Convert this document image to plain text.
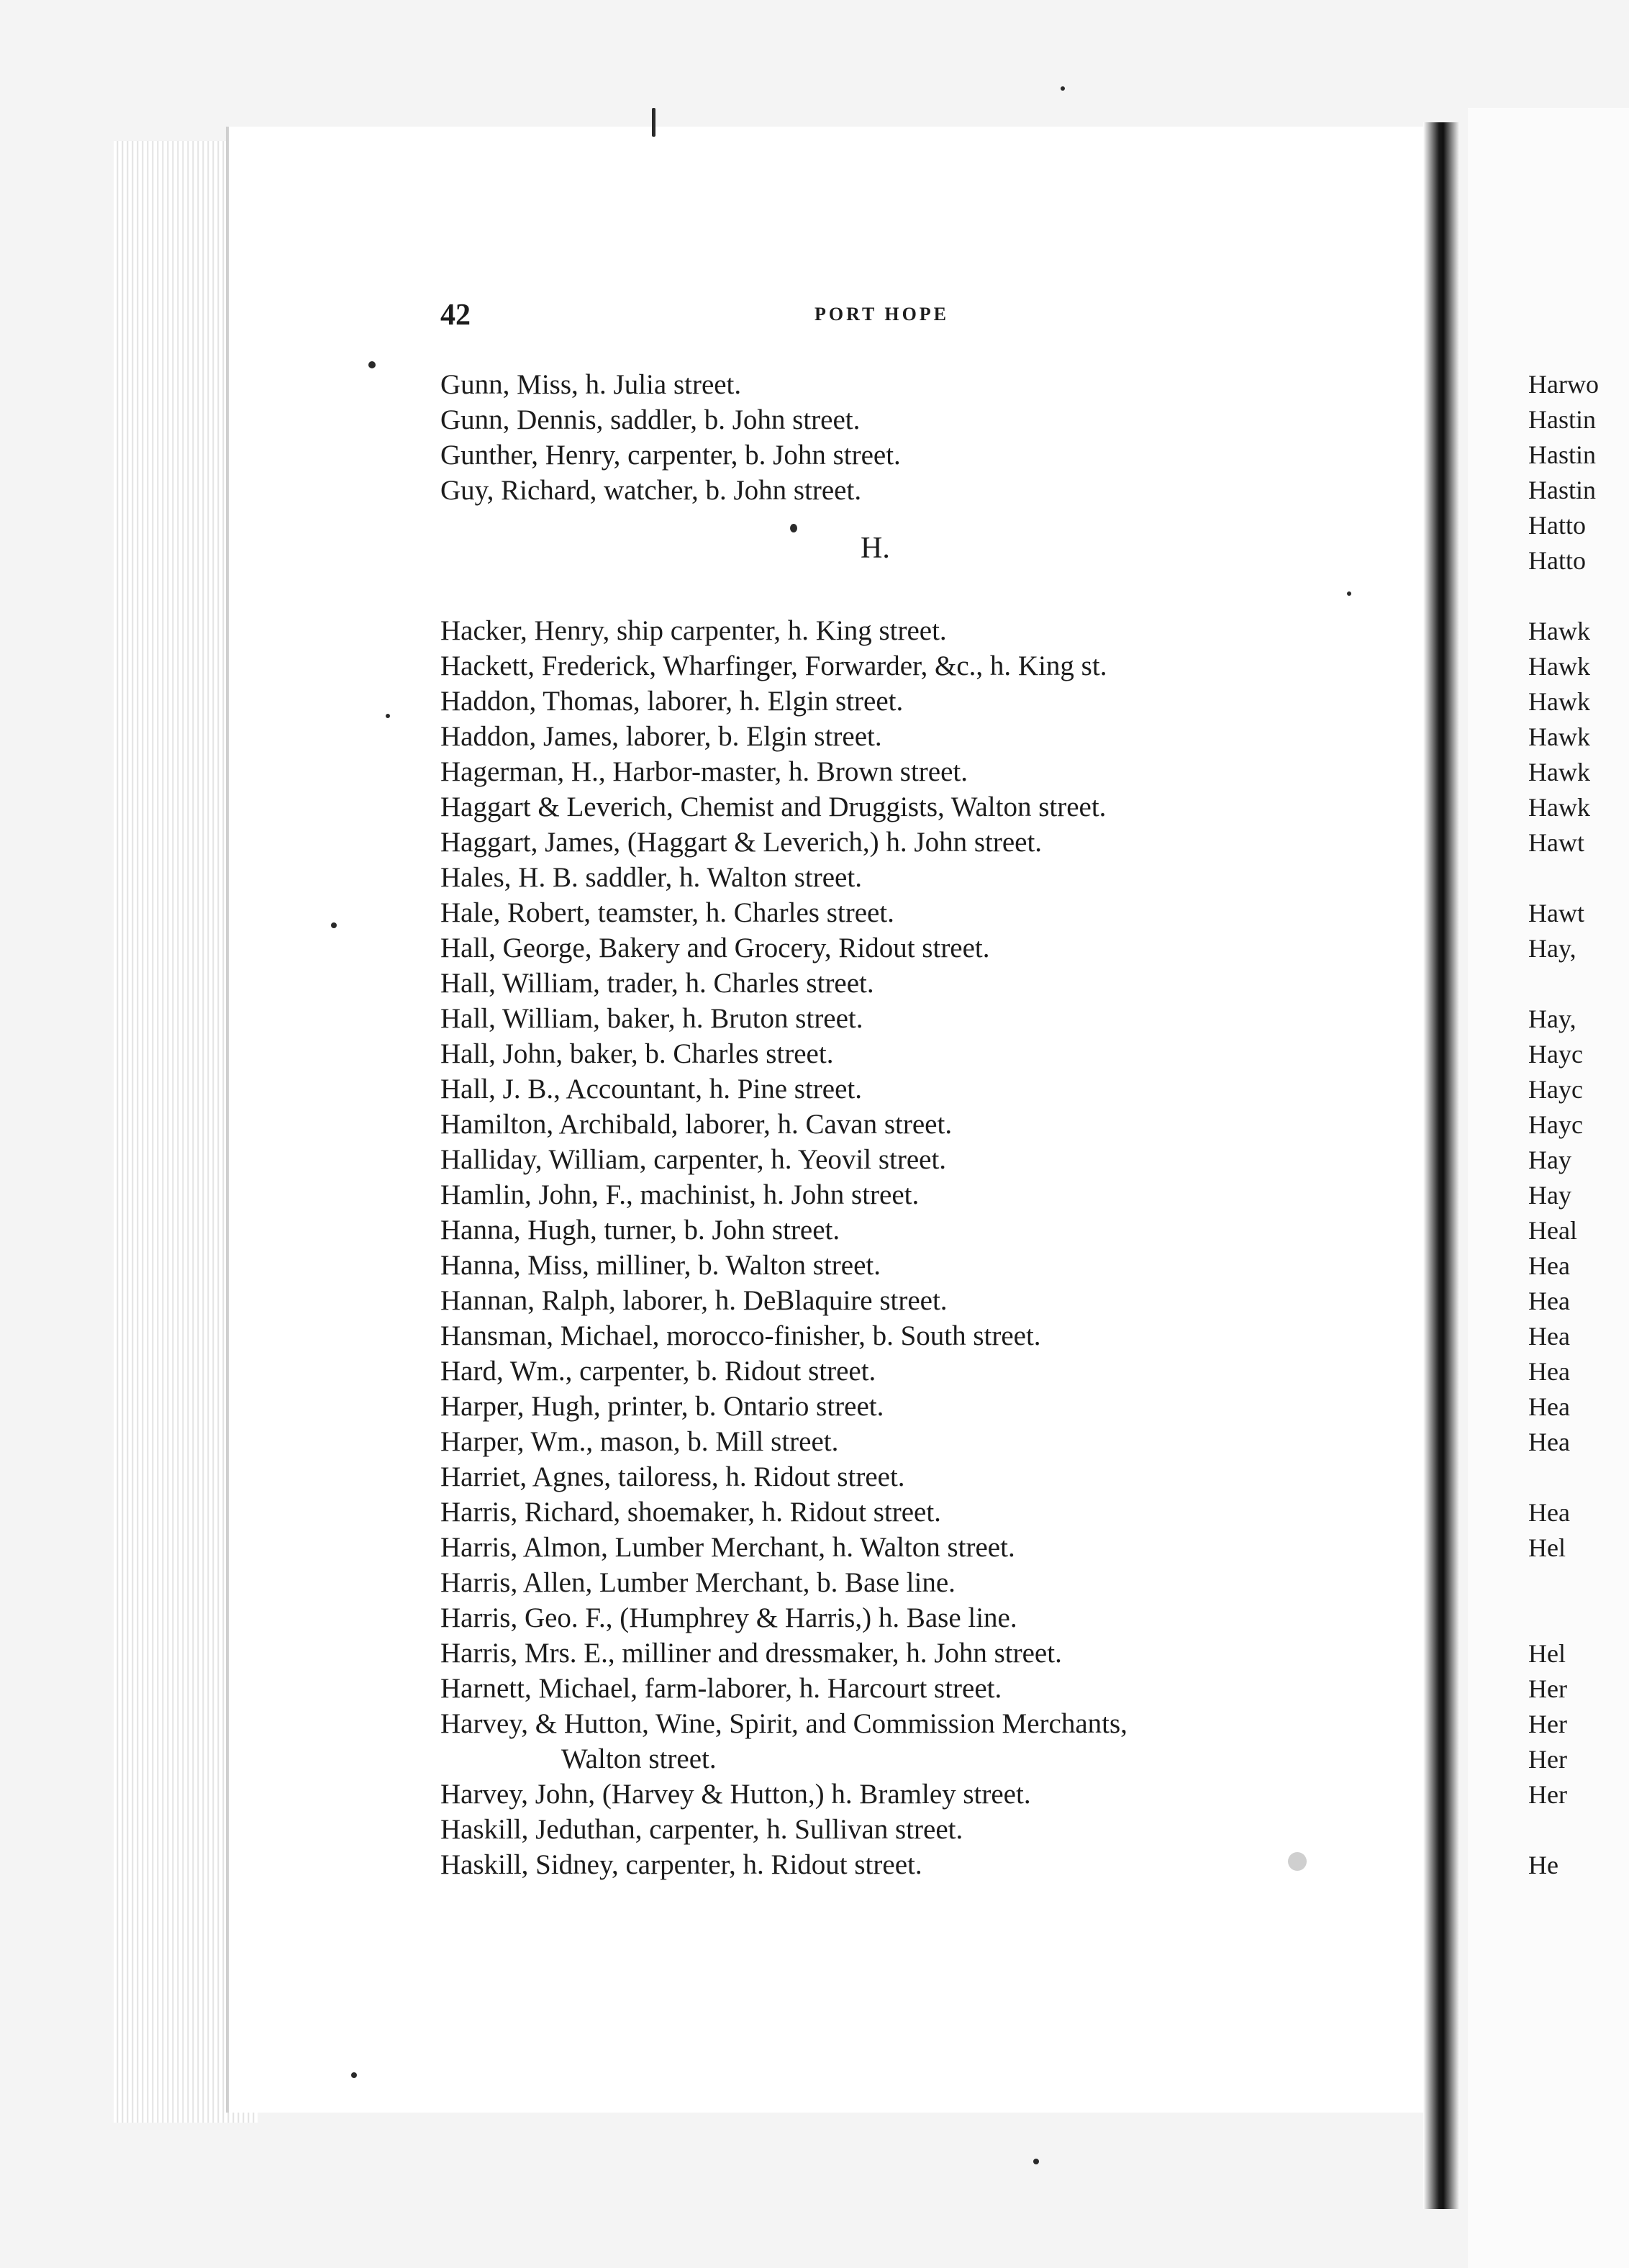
42	PORT HOPE
Gunn, Miss, h. Julia street.
Gunn, Dennis, saddler, b. John street.
Gunther, Henry, carpenter, b. John street.
Guy, Richard, watcher, b. John street.
H.
Hacker, Henry, ship carpenter, h. King street.
Hackett, Frederick, Wharfinger, Forwarder, &c., h. King st.
Haddon, Thomas, laborer, h. Elgin street.
Haddon, James, laborer, b. Elgin street.
Hagerman, H., Harbor-master, h. Brown street.
Haggart & Leverich, Chemist and Druggists, Walton street.
Haggart, James, (Haggart & Leverich,) h. John street.
Hales, H. B. saddler, h. Walton street.
Hale, Robert, teamster, h. Charles street.
Hall, George, Bakery and Grocery, Ridout street.
Hall, William, trader, h. Charles street.
Hall, William, baker, h. Bruton street.
Hall, John, baker, b. Charles street.
Hall, J. B., Accountant, h. Pine street.
Hamilton, Archibald, laborer, h. Cavan street.
Halliday, William, carpenter, h. Yeovil street.
Hamlin, John, F., machinist, h. John street.
Hanna, Hugh, turner, b. John street.
Hanna, Miss, milliner, b. Walton street.
Hannan, Ralph, laborer, h. DeBlaquire street.
Hansman, Michael, morocco-finisher, b. South street.
Hard, Wm., carpenter, b. Ridout street.
Harper, Hugh, printer, b. Ontario street.
Harper, Wm., mason, b. Mill street.
Harriet, Agnes, tailoress, h. Ridout street.
Harris, Richard, shoemaker, h. Ridout street.
Harris, Almon, Lumber Merchant, h. Walton street.
Harris, Allen, Lumber Merchant, b. Base line.
Harris, Geo. F., (Humphrey & Harris,) h. Base line.
Harris, Mrs. E., milliner and dressmaker, h. John street.
Harnett, Michael, farm-laborer, h. Harcourt street.
Harvey, & Hutton, Wine, Spirit, and Commission Merchants,
Walton street.
Harvey, John, (Harvey & Hutton,) h. Bramley street.
Haskill, Jeduthan, carpenter, h. Sullivan street.
Haskill, Sidney, carpenter, h. Ridout street.
Harwo
Hastin
Hastin
Hastin
Hatto
Hatto
Hawk
Hawk
Hawk
Hawk
Hawk
Hawk
Hawt
Hawt
Hay,
Hay,
Hayc
Hayc
Hayc
Hay
Hay
Heal
Hea
Hea
Hea
Hea
Hea
Hea
Hea
Hel
Hel
Her
Her
Her
Her
He
